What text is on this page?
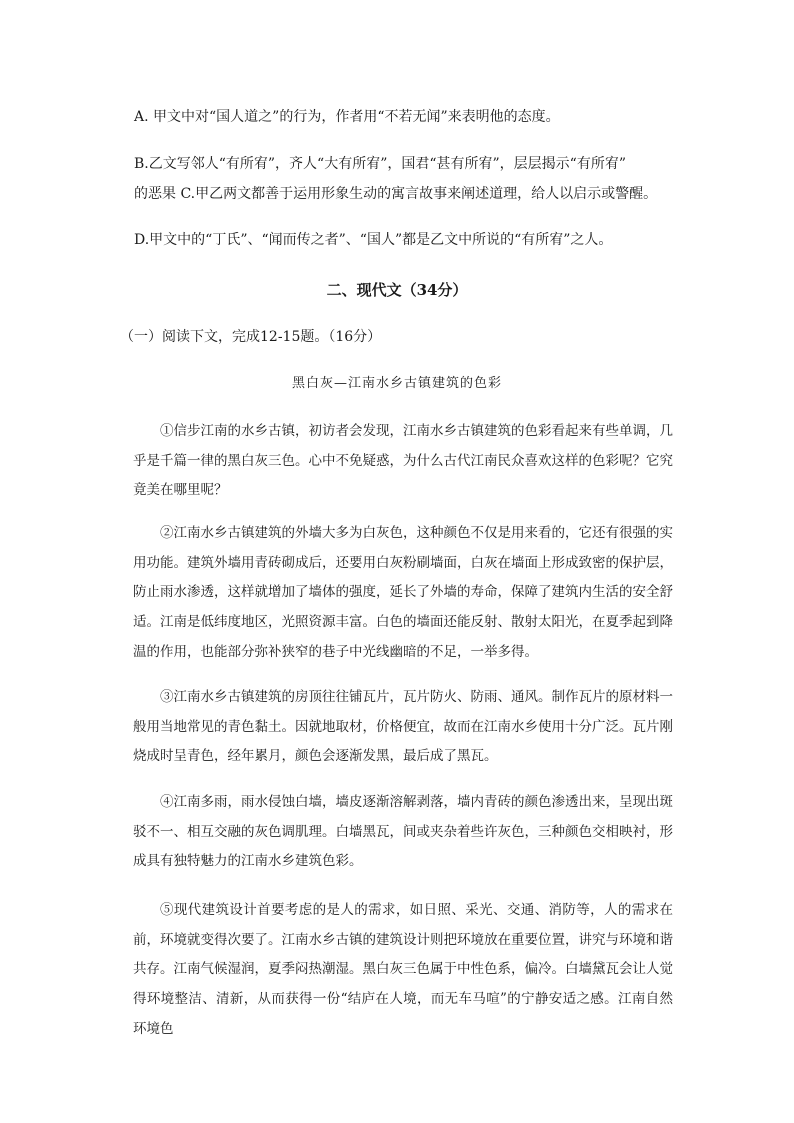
A. 甲文中对“国人道之”的行为，作者用“不若无闻”来表明他的态度。
B.乙文写邻人“有所宥”，齐人“大有所宥”，国君“甚有所宥”，层层揭示“有所宥”
的恶果 C.甲乙两文都善于运用形象生动的寓言故事来阐述道理，给人以启示或警醒。
D.甲文中的“丁氏”、“闻而传之者”、“国人”都是乙文中所说的“有所宥”之人。
二、现代文（34分）
（一）阅读下文，完成12-15题。（16分）
黑白灰—江南水乡古镇建筑的色彩

①信步江南的水乡古镇，初访者会发现，江南水乡古镇建筑的色彩看起来有些单调，几乎是千篇一律的黑白灰三色。心中不免疑惑，为什么古代江南民众喜欢这样的色彩呢？它究竟美在哪里呢？

②江南水乡古镇建筑的外墙大多为白灰色，这种颜色不仅是用来看的，它还有很强的实用功能。建筑外墙用青砖砌成后，还要用白灰粉刷墙面，白灰在墙面上形成致密的保护层，防止雨水渗透，这样就增加了墙体的强度，延长了外墙的寿命，保障了建筑内生活的安全舒适。江南是低纬度地区，光照资源丰富。白色的墙面还能反射、散射太阳光，在夏季起到降温的作用，也能部分弥补狭窄的巷子中光线幽暗的不足，一举多得。

③江南水乡古镇建筑的房顶往往铺瓦片，瓦片防火、防雨、通风。制作瓦片的原材料一般用当地常见的青色黏土。因就地取材，价格便宜，故而在江南水乡使用十分广泛。瓦片刚烧成时呈青色，经年累月，颜色会逐渐发黑，最后成了黑瓦。

④江南多雨，雨水侵蚀白墙，墙皮逐渐溶解剥落，墙内青砖的颜色渗透出来，呈现出斑驳不一、相互交融的灰色调肌理。白墙黑瓦，间或夹杂着些许灰色，三种颜色交相映衬，形成具有独特魅力的江南水乡建筑色彩。

⑤现代建筑设计首要考虑的是人的需求，如日照、采光、交通、消防等，人的需求在前，环境就变得次要了。江南水乡古镇的建筑设计则把环境放在重要位置，讲究与环境和谐共存。江南气候湿润，夏季闷热潮湿。黑白灰三色属于中性色系，偏冷。白墙黛瓦会让人觉得环境整洁、清新，从而获得一份“结庐在人境，而无车马喧”的宁静安适之感。江南自然环境色
